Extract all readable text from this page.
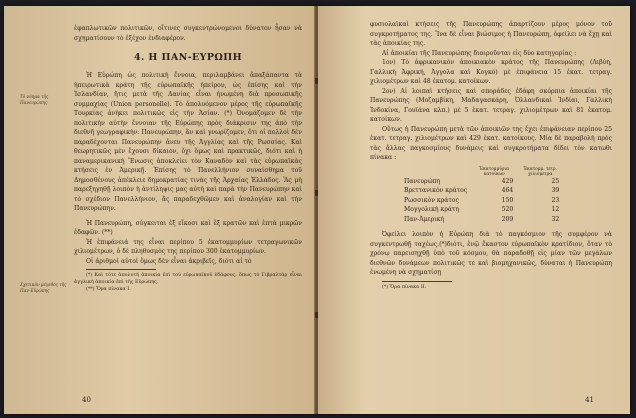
ἐφαπλωτικῶν πολιτικῶν, οἵτινες συγκεντρώνομενοι δύνατον ἦσαν νὰ σχηματίσουν τὸ ἐξέχον ἐνδιαφέρον.

4. Η ΠΑΝ-ΕΥΡΩΠΗ
Τὸ νόημα τῆς Πανευρώπης

Ἡ Εὐρώπη ὡς πολιτικὴ ἔννοια, περιλαμβάνει ἅπαξάπαντα τὰ ἡπειρωτικὰ κράτη τῆς εὐρωπαϊκῆς ἠπείρου, ὡς ἐπίσης καὶ τὴν Ἰσλανδίαν, ἥτις μετὰ τῆς Δανίας εἶναι ἡνωμένη διὰ προσωπικῆς συμμαχίας (Union personelle). Τὸ ἀπολυόμενον μέρος τῆς εὐρωπαϊκῆς Τουρκίας ἀνήκει πολιτικῶς εἰς τὴν Ἀσίαν. (*) Ὀνομάζομεν δὲ τὴν πολιτικὴν αὐτὴν ἔννοιαν τῆς Εὐρώπης πρὸς διάκρισιν της ἀπὸ τὴν διεθνῆ γεωγραφικὴν: Πανευρώπην, ἂν καὶ γνωρίζομεν, ὅτι οἱ πολλοὶ δὲν παραδέχονται Πανευρώπην ἄνευ τῆς Ἀγγλίας καὶ τῆς Ρωσσίας. Καὶ θεωρητικῶς μὲν ἔχουσι δίκαιον, ὄχι ὅμως καὶ πρακτικῶς, διότι καὶ ἡ παναμερικανικὴ Ἕνωσις ἀποκλείει τὸν Καναδὸν καὶ τὰς εὐρωπαϊκὰς κτήσεις ἐν Ἀμερικῇ. Ἐπίσης τὸ Πανελλήνιον συναίσθημα τοῦ Δημοσθένους ἀπέκλειε δημοκρατίας τινὰς τῆς Ἀρχαίας Ἑλλάδος. Ἂς μὴ παρεξηγηθῇ λοιπὸν ἡ ἀντίληψις μας αὐτὴ καὶ παρὰ τὴν Πανευρώπην καὶ τὸ σχέδιον Πανελλήνιον, ἂς παραδεχθῶμεν καὶ ἀναλογίαν καὶ τὴν Πανευρώπην.

Σχετικὸν μέγεθος τῆς Παν-Εὐρώπης

Ἡ Πανευρώπη, σύγκειται ἐξ εἴκοσι καὶ ἓξ κρατῶν καὶ ἑπτὰ μικρῶν ἐδαφῶν. (**)

Ἡ ἐπιφάνειά της εἶναι περίπου 5 ἑκατομμυρίων τετραγωνικῶν χιλιομέτρων, ὁ δὲ πληθυσμὸς της περίπου 300 ἑκατομμυρίων.

Οἱ ἀριθμοὶ αὐτοὶ ὅμως δὲν εἶναι ἀκριβεῖς, διότι αἱ τὸ

(*) Καὶ τότε ἀπολυτὴ ἀποικία ἐπὶ τοῦ εὐρωπαϊκοῦ ἐδάφους, ὅπως τὸ Γιβραλτὰρ εἶναι ἀγγλικὴ ἀποικία ἐπὶ τῆς Εὐρώπης.

(**) Ὅρα πίνακα I.

40

φυσιολαϊκαὶ κτήσεις τῆς Πανευρώπης ἀπαρτίζουν μέρος μόνον τοῦ συγκροτήματος της. Ἵνα δὲ εἶναι βιώσιμος ἡ Πανευρώπη, ὀφείλει νὰ ἔχῃ καὶ τὰς ἀποικίας της.

Αἱ ἀποικίαι τῆς Πανευρώπης διαιροῦνται εἰς δύο κατηγορίας :

1ον) Τὸ ἀφρικανικὸν ἀποικιακὸν κράτος τῆς Πανευρώπης (Λιβύη, Γαλλικὴ Ἀφρική, Ἀγγολα καὶ Κογκό) μὲ ἐπιφάνεια 15 ἑκατ. τετραγ. χιλιομέτρων καὶ 48 ἑκατομ. κατοίκων.

2ον) Αἱ λοιπαὶ κτήσεις καὶ σποράδες ἐδάφη σκόρπια ἀποικίαι τῆς Πανευρώπης (Μοζαμβίκη, Μαδαγασκάρη, Ὁλλανδικαὶ Ἰνδίαι, Γαλλικὴ Ἰνδοκίνα, Γουϊάνα κλπ.) μὲ 5 ἑκατ. τετραγ. χιλιομέτρων καὶ 81 ἑκατομ. κατοίκων.

Οὕτως ἡ Πανευρώπη μετὰ τῶν ἀποικιῶν της ἔχει ἐπιφάνειαν περίπου 25 ἑκατ. τετραγ. χιλιομέτρων καὶ 429 ἑκατ. κατοίκους. Μία δὲ παραβολὴ πρὸς τὰς ἄλλας παγκοσμίους δυνάμεις καὶ συγκροτήματα δίδει τὸν κατωθι πίνακα :

	Ἑκατομμύρια κατοίκων	Ἑκατομμ. τετρ. χιλιόμετρα
Πανευρώπη	429	25
Βρεττανικὸν κράτος	464	39
Ρωσσικὸν κράτος	150	23
Μογγολικὴ κράτη	520	12
Παν-Ἀμερική	209	32

Ὀφείλει λοιπὸν ἡ Εὐρώπη διὰ τὸ παγκόσμιον τῆς συμφέρον νὰ συγκεντρωθῇ ταχέως.(*)διότι, ἐνῷ ἕκαστον εὐρωπαϊκὸν κρατίδιον, ὅταν τὸ χρόνῳ παρεισηχθῇ ὑπὸ τοῦ κόσμου, θὰ παραδοθῇ εἰς μίαν τῶν μεγάλων διεθνῶν δυνάμεων πολιτικῶς τε καὶ βιομηχανικῶς, δύναται ἡ Πανευρώπη ἑνωμένη νὰ σχηματίσῃ

(*) Ὅρα πίνακα II.

41
